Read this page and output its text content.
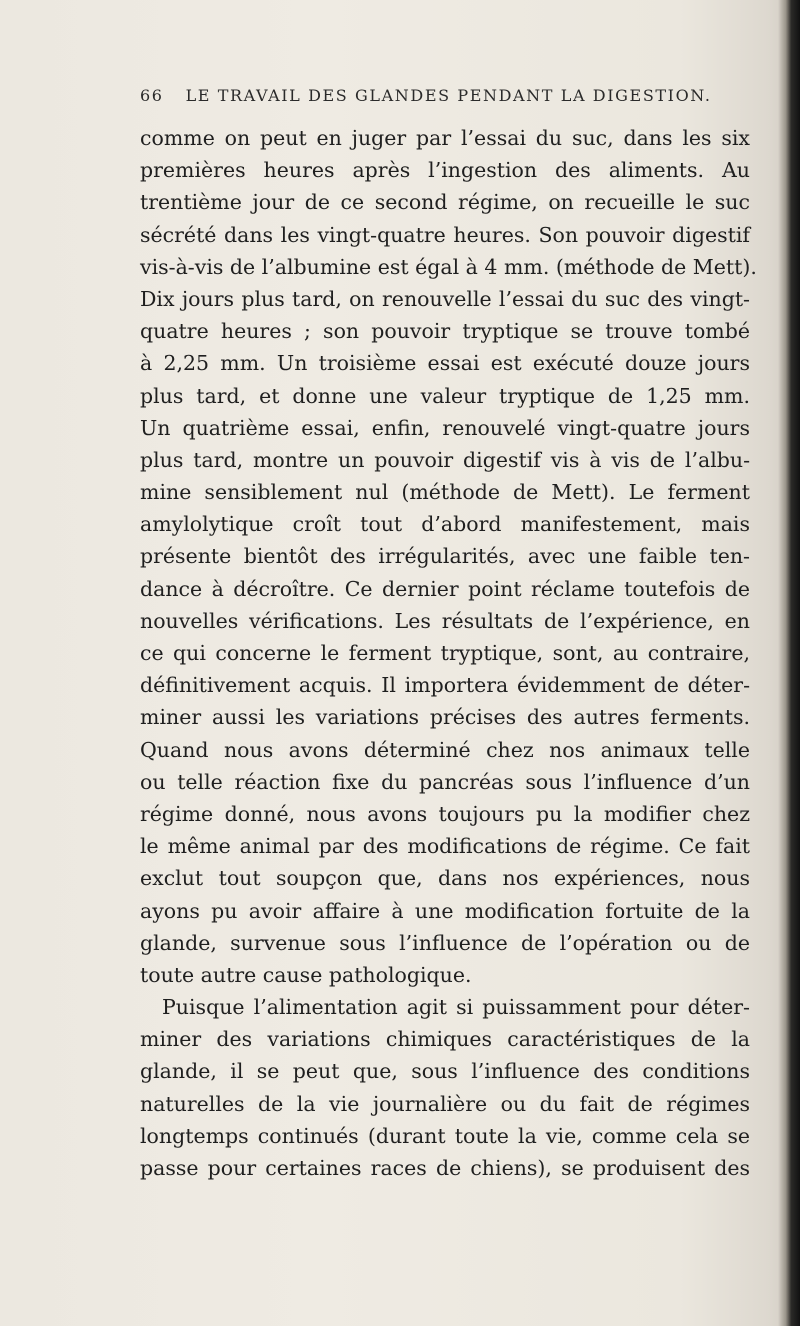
66 LE TRAVAIL DES GLANDES PENDANT LA DIGESTION.
comme on peut en juger par l’essai du suc, dans les six
premières heures après l’ingestion des aliments. Au
trentième jour de ce second régime, on recueille le suc
sécrété dans les vingt-quatre heures. Son pouvoir digestif
vis-à-vis de l’albumine est égal à 4 mm. (méthode de Mett).
Dix jours plus tard, on renouvelle l’essai du suc des vingt-
quatre heures ; son pouvoir tryptique se trouve tombé
à 2,25 mm. Un troisième essai est exécuté douze jours
plus tard, et donne une valeur tryptique de 1,25 mm.
Un quatrième essai, enfin, renouvelé vingt-quatre jours
plus tard, montre un pouvoir digestif vis à vis de l’albu-
mine sensiblement nul (méthode de Mett). Le ferment
amylolytique croît tout d’abord manifestement, mais
présente bientôt des irrégularités, avec une faible ten-
dance à décroître. Ce dernier point réclame toutefois de
nouvelles vérifications. Les résultats de l’expérience, en
ce qui concerne le ferment tryptique, sont, au contraire,
définitivement acquis. Il importera évidemment de déter-
miner aussi les variations précises des autres ferments.
Quand nous avons déterminé chez nos animaux telle
ou telle réaction fixe du pancréas sous l’influence d’un
régime donné, nous avons toujours pu la modifier chez
le même animal par des modifications de régime. Ce fait
exclut tout soupçon que, dans nos expériences, nous
ayons pu avoir affaire à une modification fortuite de la
glande, survenue sous l’influence de l’opération ou de
toute autre cause pathologique.
Puisque l’alimentation agit si puissamment pour déter-
miner des variations chimiques caractéristiques de la
glande, il se peut que, sous l’influence des conditions
naturelles de la vie journalière ou du fait de régimes
longtemps continués (durant toute la vie, comme cela se
passe pour certaines races de chiens), se produisent des
